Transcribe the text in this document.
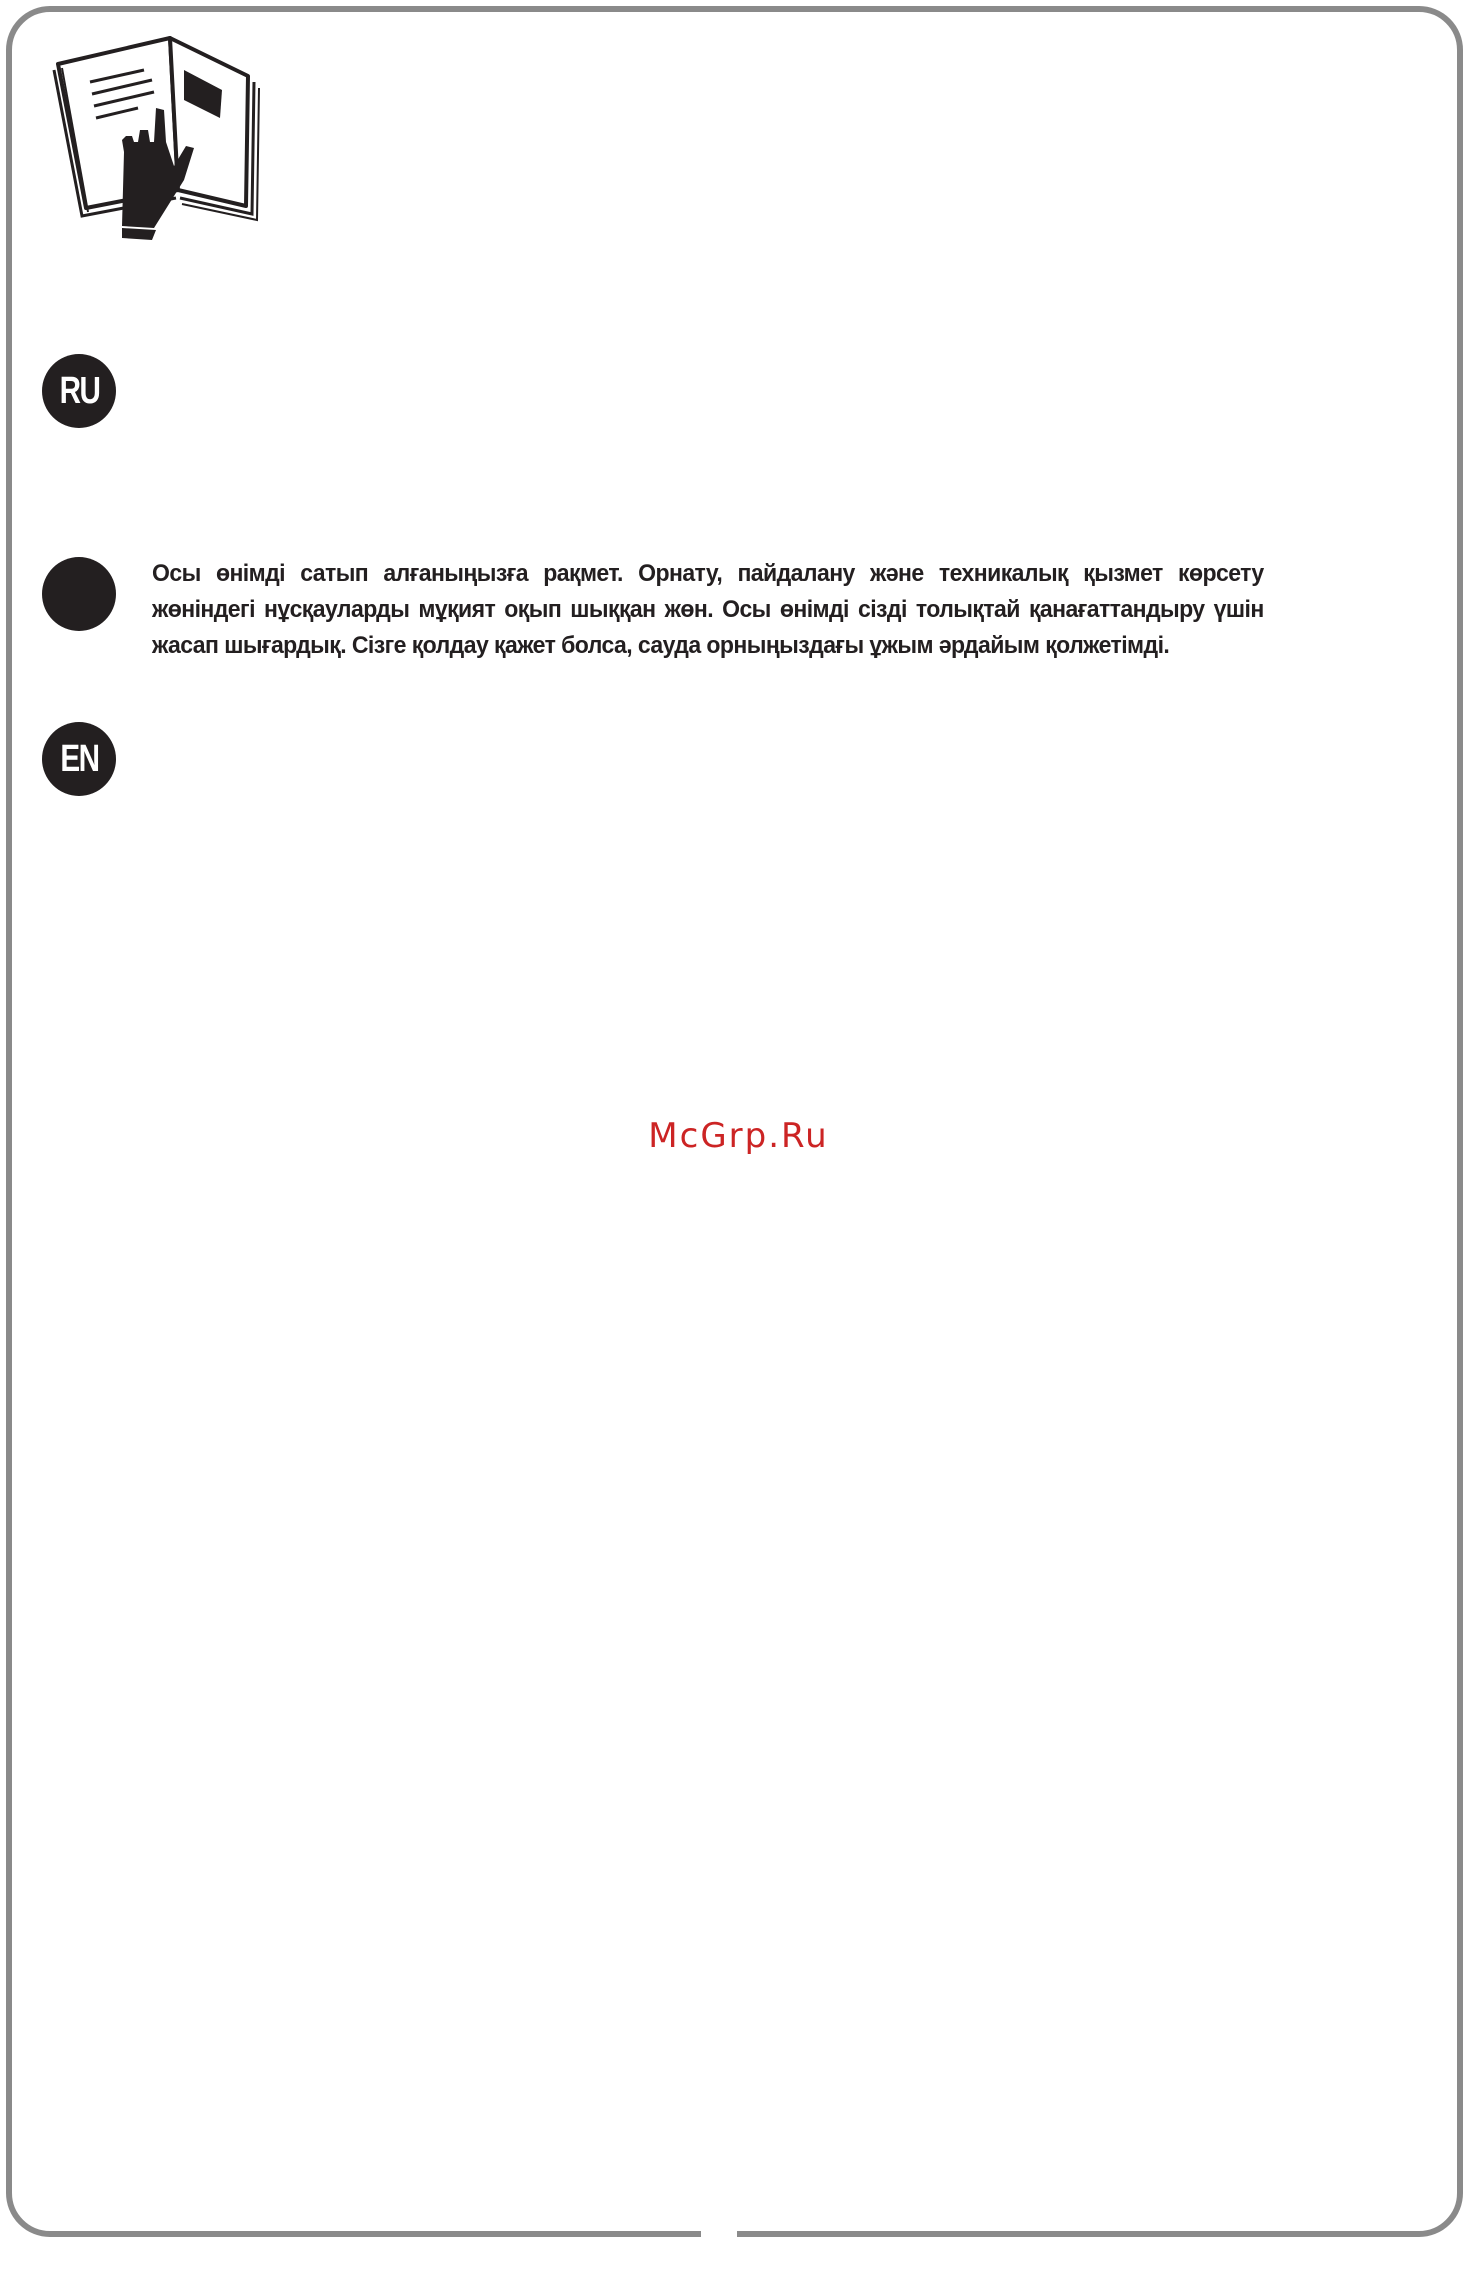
RU
Осы өнімді сатып алғаныңызға рақмет. Орнату, пайдалану және техникалық қызмет көрсету жөніндегі нұсқауларды мұқият оқып шыққан жөн. Осы өнімді сізді толықтай қанағаттандыру үшін жасап шығардық. Сізге қолдау қажет болса, сауда орныңыздағы ұжым әрдайым қолжетімді.
EN
McGrp.Ru
